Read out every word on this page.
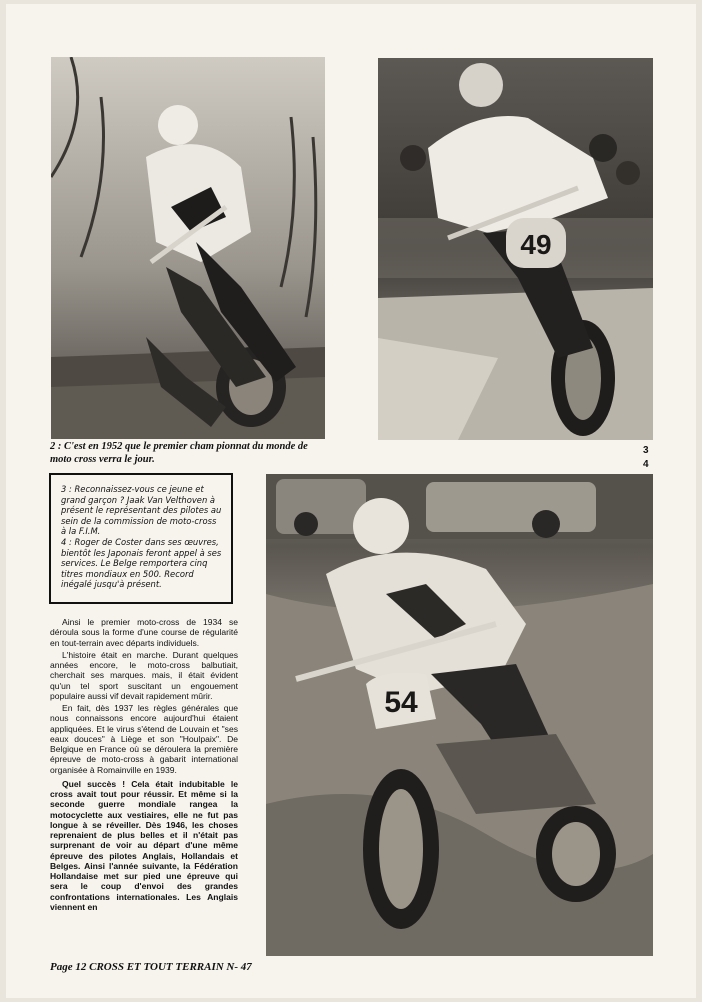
49
54
2 : C'est en 1952 que le premier cham pionnat du monde de moto cross verra le jour.
3
4

3 : Reconnaissez-vous ce jeune et grand garçon ? Jaak Van Velthoven à présent le représentant des pilotes au sein de la commission de moto-cross à la F.I.M.

4 : Roger de Coster dans ses œuvres, bientôt les Japonais feront appel à ses services. Le Belge remportera cinq titres mondiaux en 500. Record inégalé jusqu'à présent.

Ainsi le premier moto-cross de 1934 se déroula sous la forme d'une course de régularité en tout-terrain avec départs individuels.

L'histoire était en marche. Durant quelques années encore, le moto-cross balbutiait, cherchait ses marques. mais, il était évident qu'un tel sport suscitant un engouement populaire aussi vif devait rapidement mûrir.

En fait, dès 1937 les règles générales que nous connaissons encore aujourd'hui étaient appliquées. Et le virus s'étend de Louvain et "ses eaux douces" à Liège et son "Houlpaix". De Belgique en France où se déroulera la première épreuve de moto-cross à gabarit international organisée à Romainville en 1939.

Quel succès ! Cela était indubitable le cross avait tout pour réussir. Et même si la seconde guerre mondiale rangea la motocyclette aux vestiaires, elle ne fut pas longue à se réveiller. Dès 1946, les choses reprenaient de plus belles et il n'était pas surprenant de voir au départ d'une même épreuve des pilotes Anglais, Hollandais et Belges. Ainsi l'année suivante, la Fédération Hollandaise met sur pied une épreuve qui sera le coup d'envoi des grandes confrontations internationales. Les Anglais viennent en

Page 12 CROSS ET TOUT TERRAIN N- 47
